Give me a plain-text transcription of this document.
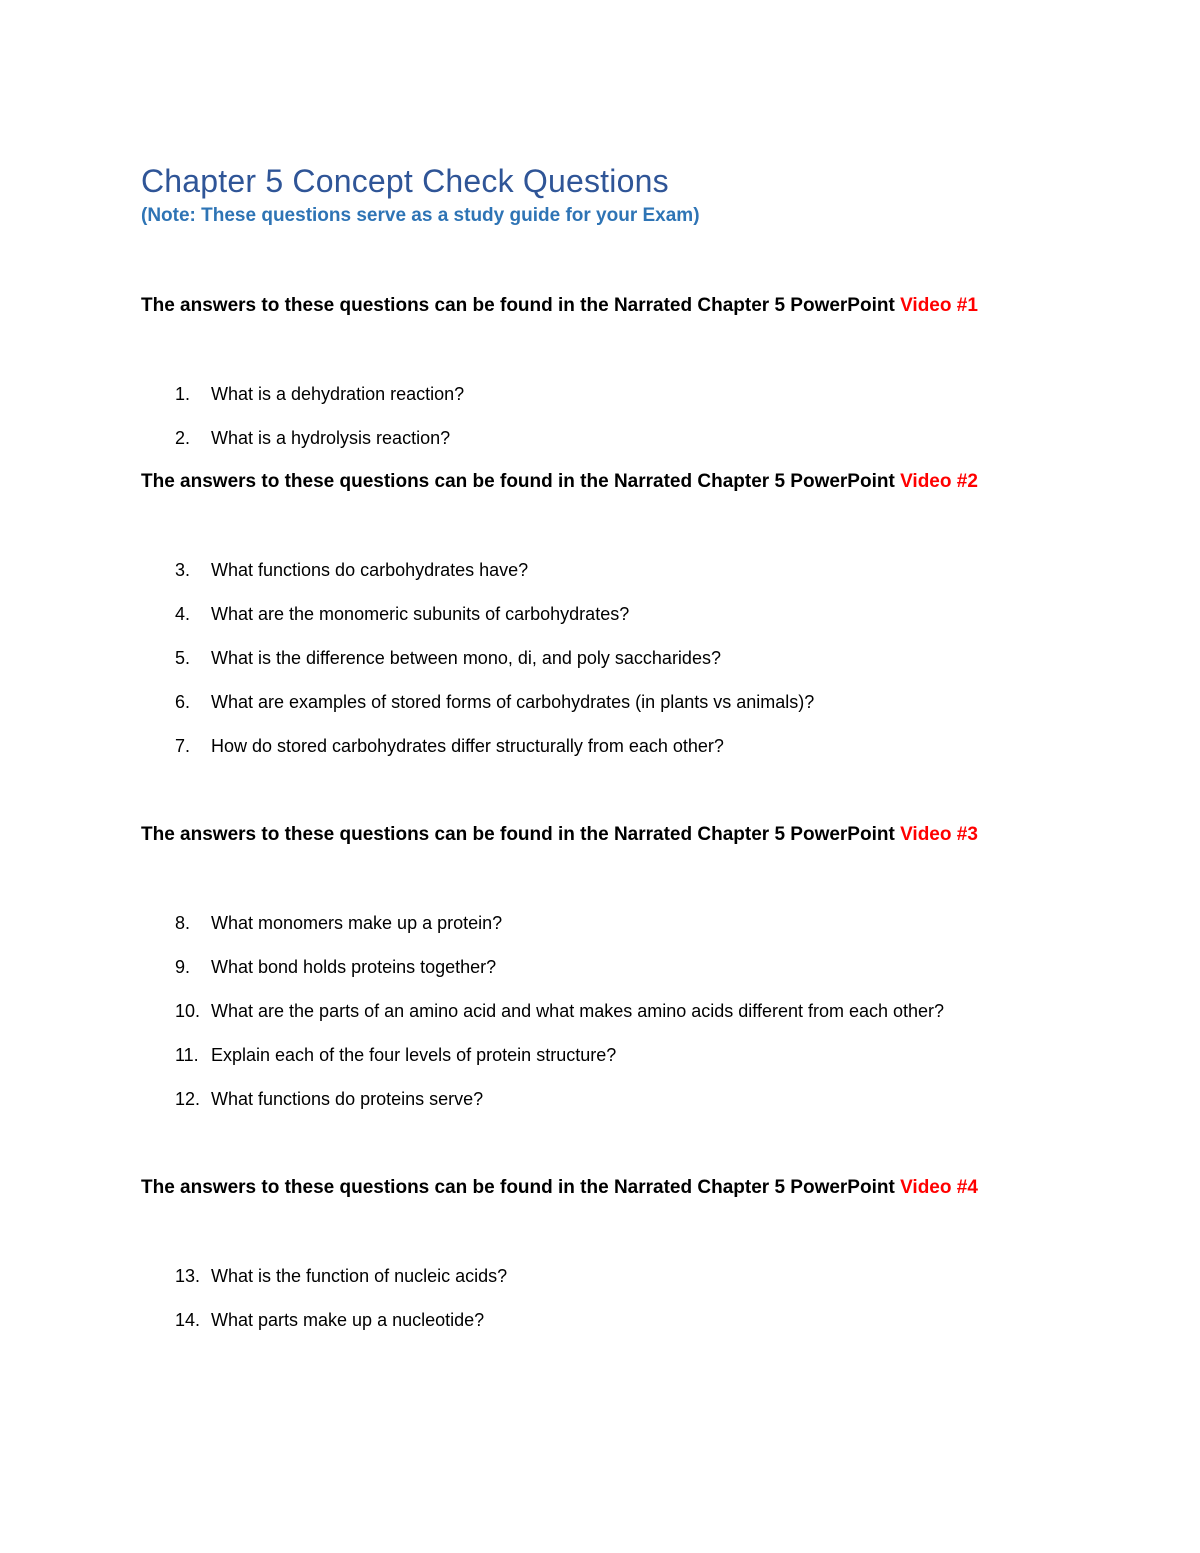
Chapter 5 Concept Check Questions
(Note: These questions serve as a study guide for your Exam)
The answers to these questions can be found in the Narrated Chapter 5 PowerPoint Video #1
1. What is a dehydration reaction?
2. What is a hydrolysis reaction?
The answers to these questions can be found in the Narrated Chapter 5 PowerPoint Video #2
3. What functions do carbohydrates have?
4. What are the monomeric subunits of carbohydrates?
5. What is the difference between mono, di, and poly saccharides?
6. What are examples of stored forms of carbohydrates (in plants vs animals)?
7. How do stored carbohydrates differ structurally from each other?
The answers to these questions can be found in the Narrated Chapter 5 PowerPoint Video #3
8. What monomers make up a protein?
9. What bond holds proteins together?
10. What are the parts of an amino acid and what makes amino acids different from each other?
11. Explain each of the four levels of protein structure?
12. What functions do proteins serve?
The answers to these questions can be found in the Narrated Chapter 5 PowerPoint Video #4
13. What is the function of nucleic acids?
14. What parts make up a nucleotide?
